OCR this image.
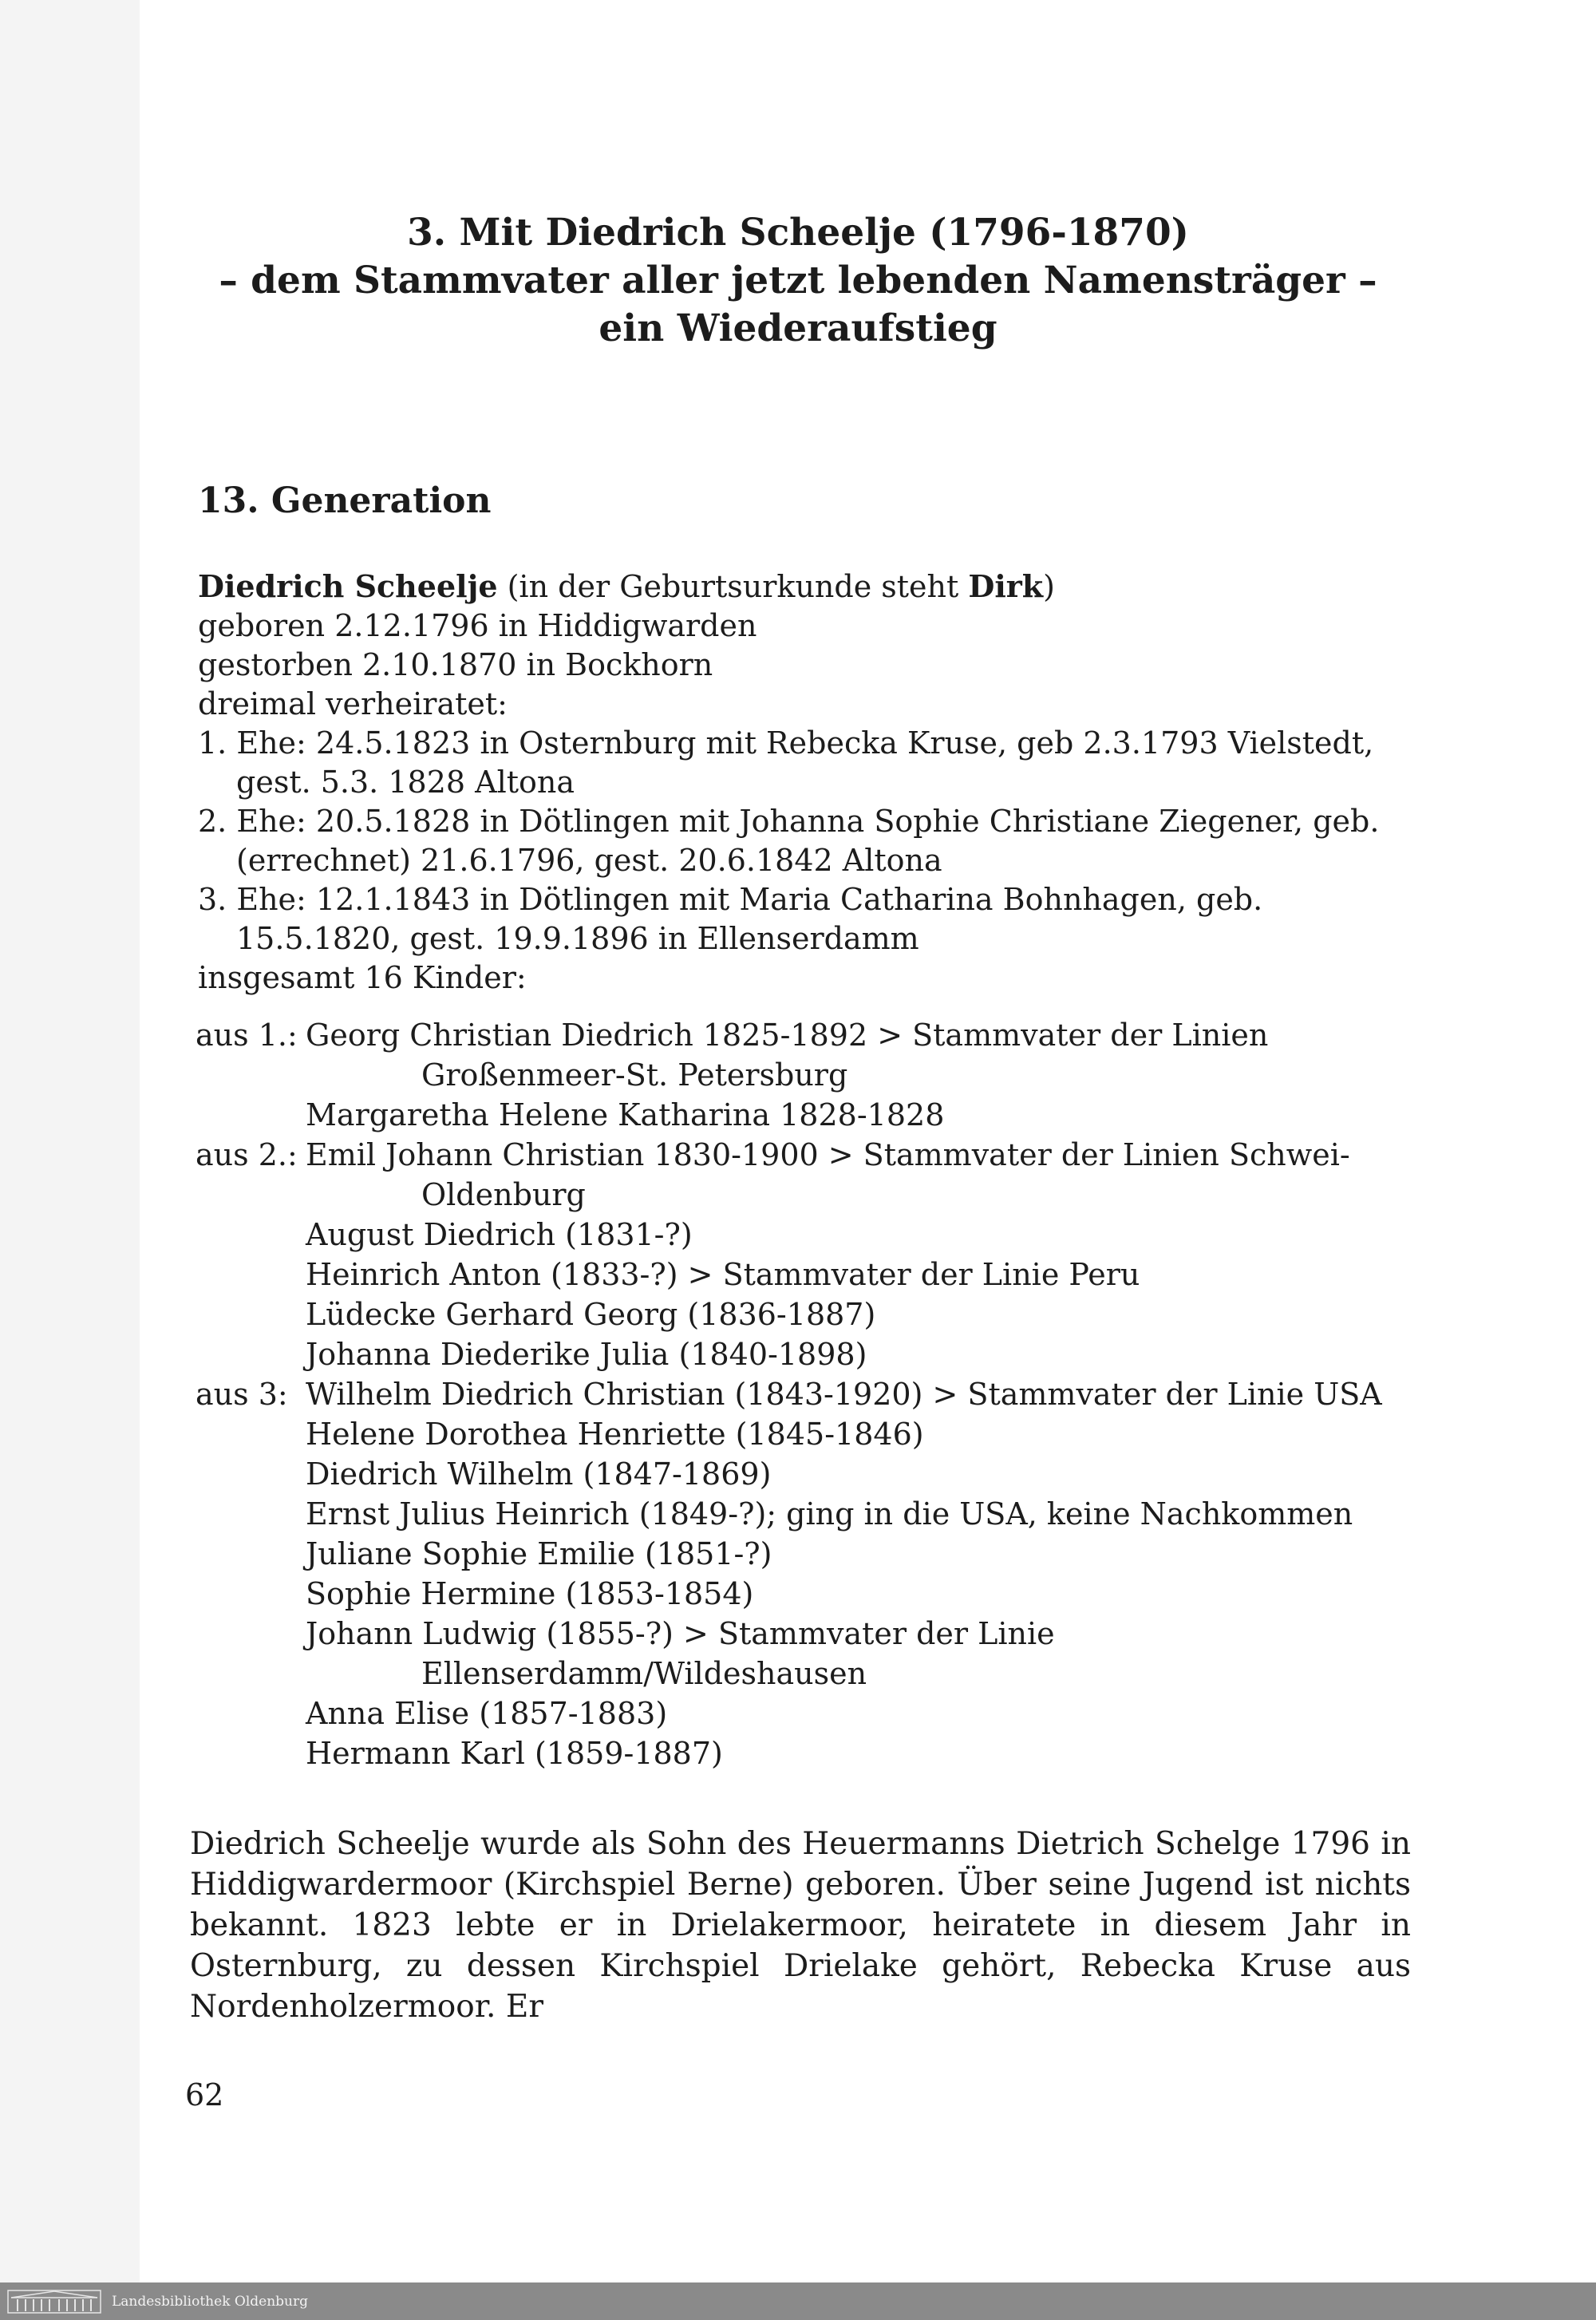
3. Mit Diedrich Scheelje (1796-1870)
– dem Stammvater aller jetzt lebenden Namensträger –
ein Wiederaufstieg
13. Generation

Diedrich Scheelje (in der Geburtsurkunde steht Dirk)

geboren 2.12.1796 in Hiddigwarden

gestorben 2.10.1870 in Bockhorn

dreimal verheiratet:

1. Ehe: 24.5.1823 in Osternburg mit Rebecka Kruse, geb 2.3.1793 Vielstedt, gest. 5.3. 1828 Altona

2. Ehe: 20.5.1828 in Dötlingen mit Johanna Sophie Christiane Ziegener, geb. (errechnet) 21.6.1796, gest. 20.6.1842 Altona

3. Ehe: 12.1.1843 in Dötlingen mit Maria Catharina Bohnhagen, geb. 15.5.1820, gest. 19.9.1896 in Ellenserdamm

insgesamt 16 Kinder:

aus 1.: Georg Christian Diedrich 1825-1892 > Stammvater der Linien Großenmeer-St. Petersburg

Margaretha Helene Katharina 1828-1828

aus 2.: Emil Johann Christian 1830-1900 > Stammvater der Linien Schwei-Oldenburg

August Diedrich (1831-?)

Heinrich Anton (1833-?) > Stammvater der Linie Peru

Lüdecke Gerhard Georg (1836-1887)

Johanna Diederike Julia (1840-1898)

aus 3: Wilhelm Diedrich Christian (1843-1920) > Stammvater der Linie USA

Helene Dorothea Henriette (1845-1846)

Diedrich Wilhelm (1847-1869)

Ernst Julius Heinrich (1849-?); ging in die USA, keine Nachkommen

Juliane Sophie Emilie (1851-?)

Sophie Hermine (1853-1854)

Johann Ludwig (1855-?) > Stammvater der Linie Ellenserdamm/Wildeshausen

Anna Elise (1857-1883)

Hermann Karl (1859-1887)

Diedrich Scheelje wurde als Sohn des Heuermanns Dietrich Schelge 1796 in Hiddigwardermoor (Kirchspiel Berne) geboren. Über seine Jugend ist nichts bekannt. 1823 lebte er in Drielakermoor, heiratete in diesem Jahr in Osternburg, zu dessen Kirchspiel Drielake gehört, Rebecka Kruse aus Nordenholzermoor. Er

62

Landesbibliothek Oldenburg
